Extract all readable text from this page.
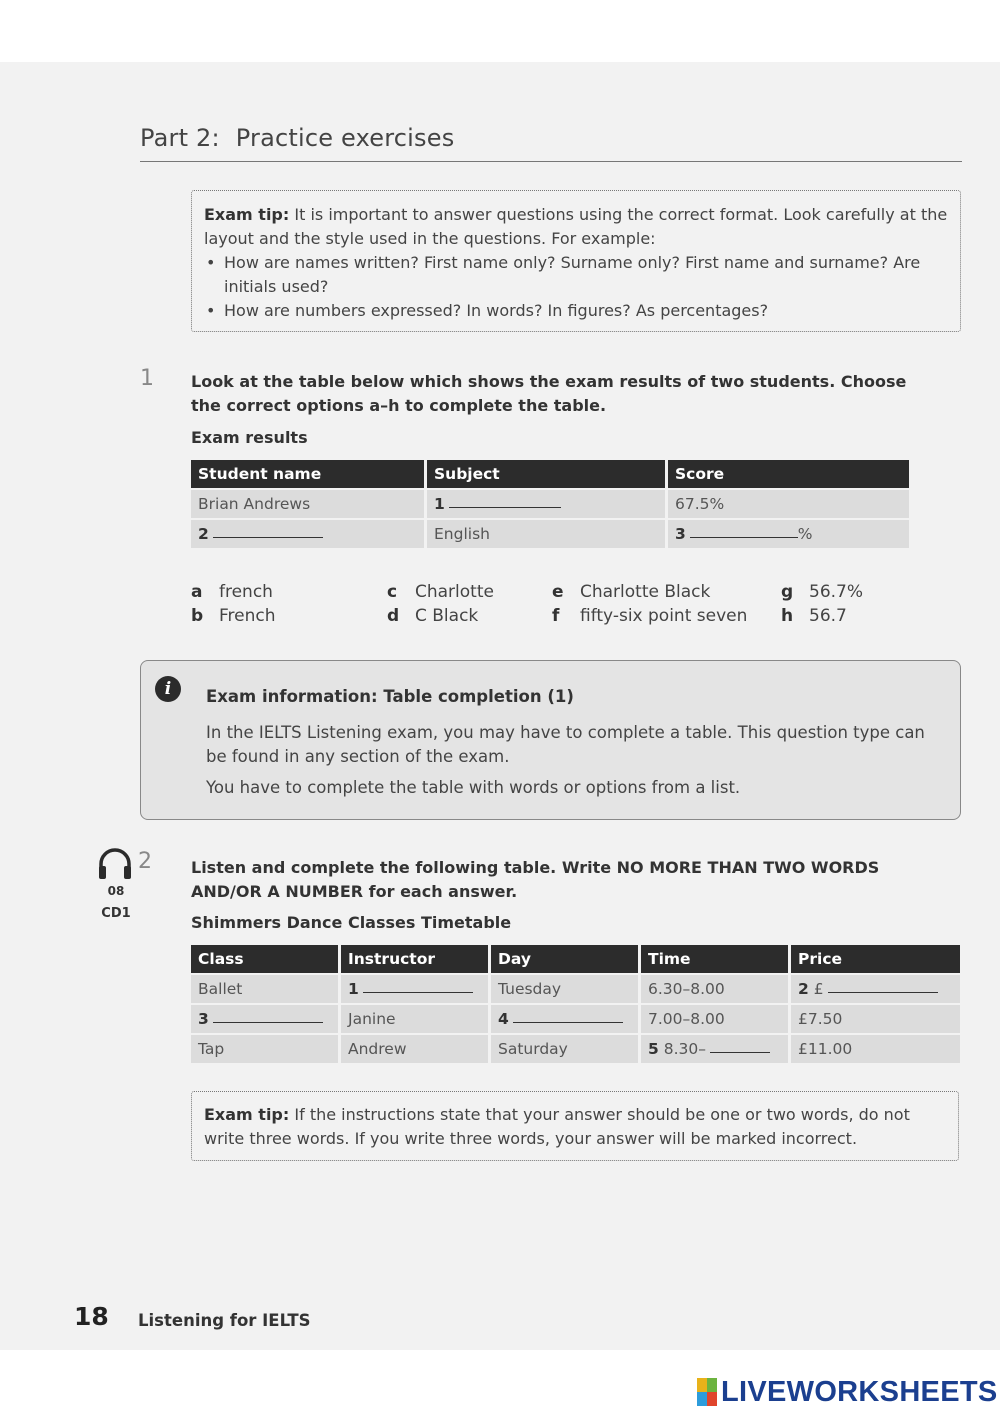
Part 2: Practice exercises
Exam tip: It is important to answer questions using the correct format. Look carefully at the layout and the style used in the questions. For example:
• How are names written? First name only? Surname only? First name and surname? Are initials used?
• How are numbers expressed? In words? In figures? As percentages?
1 Look at the table below which shows the exam results of two students. Choose the correct options a–h to complete the table.
Exam results
Student name	Subject	Score
Brian Andrews	1	67.5%
2	English	3 %
a french
b French
c Charlotte
d C Black
e Charlotte Black
f fifty-six point seven
g 56.7%
h 56.7
i	Exam information: Table completion (1)
In the IELTS Listening exam, you may have to complete a table. This question type can be found in any section of the exam.
You have to complete the table with words or options from a list.
2
08
CD1
Listen and complete the following table. Write NO MORE THAN TWO WORDS AND/OR A NUMBER for each answer.
Shimmers Dance Classes Timetable
Class	Instructor	Day	Time	Price
Ballet	1	Tuesday	6.30–8.00	2 £
3	Janine	4	7.00–8.00	£7.50
Tap	Andrew	Saturday	5 8.30–	£11.00
Exam tip: If the instructions state that your answer should be one or two words, do not write three words. If you write three words, your answer will be marked incorrect.
18 Listening for IELTS
LIVEWORKSHEETS
